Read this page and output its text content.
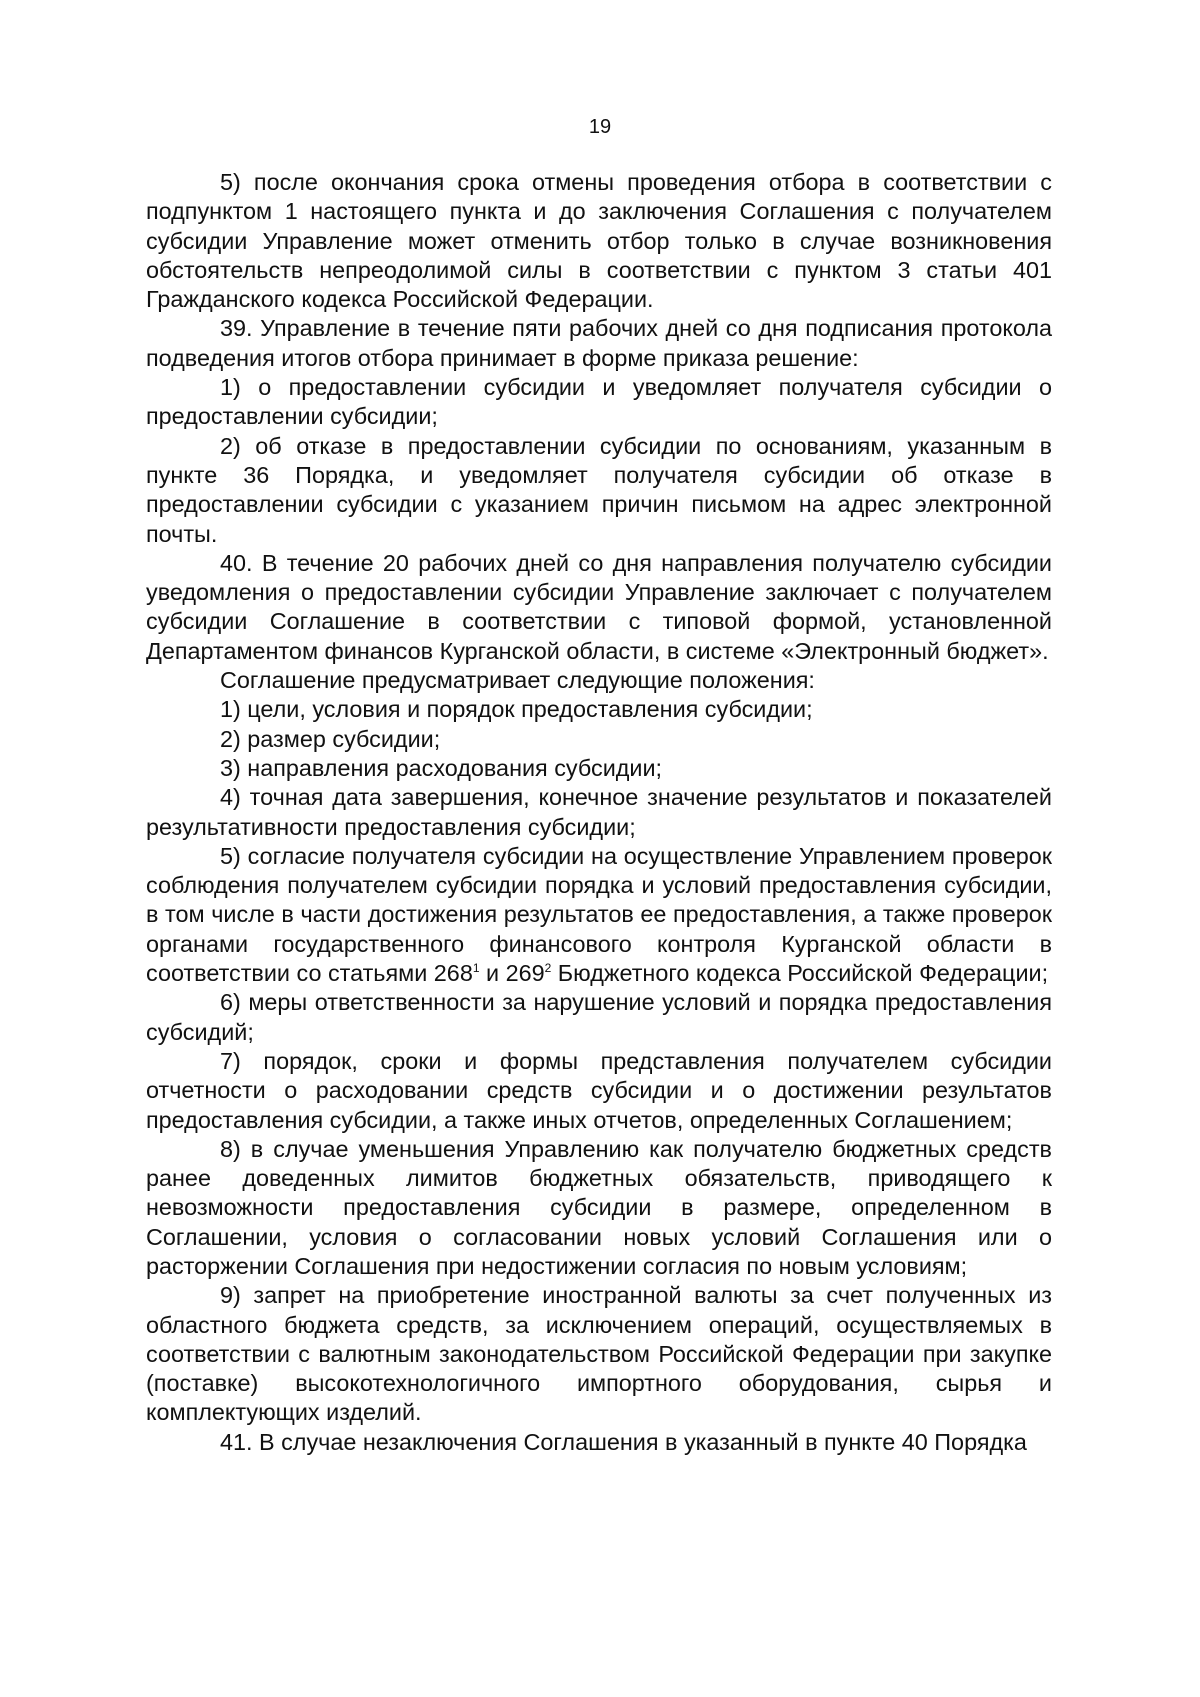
19

5) после окончания срока отмены проведения отбора в соответствии с подпунктом 1 настоящего пункта и до заключения Соглашения с получателем субсидии Управление может отменить отбор только в случае возникновения обстоятельств непреодолимой силы в соответствии с пунктом 3 статьи 401 Гражданского кодекса Российской Федерации.

39. Управление в течение пяти рабочих дней со дня подписания протокола подведения итогов отбора принимает в форме приказа решение:

1) о предоставлении субсидии и уведомляет получателя субсидии о предоставлении субсидии;

2) об отказе в предоставлении субсидии по основаниям, указанным в пункте 36 Порядка, и уведомляет получателя субсидии об отказе в предоставлении субсидии с указанием причин письмом на адрес электронной почты.

40. В течение 20 рабочих дней со дня направления получателю субсидии уведомления о предоставлении субсидии Управление заключает с получателем субсидии Соглашение в соответствии с типовой формой, установленной Департаментом финансов Курганской области, в системе «Электронный бюджет».

Соглашение предусматривает следующие положения:

1) цели, условия и порядок предоставления субсидии;

2) размер субсидии;

3) направления расходования субсидии;

4) точная дата завершения, конечное значение результатов и показателей результативности предоставления субсидии;

5) согласие получателя субсидии на осуществление Управлением проверок соблюдения получателем субсидии порядка и условий предоставления субсидии, в том числе в части достижения результатов ее предоставления, а также проверок органами государственного финансового контроля Курганской области в соответствии со статьями $268^1$ и $269^2$ Бюджетного кодекса Российской Федерации;

6) меры ответственности за нарушение условий и порядка предоставления субсидий;

7) порядок, сроки и формы представления получателем субсидии отчетности о расходовании средств субсидии и о достижении результатов предоставления субсидии, а также иных отчетов, определенных Соглашением;

8) в случае уменьшения Управлению как получателю бюджетных средств ранее доведенных лимитов бюджетных обязательств, приводящего к невозможности предоставления субсидии в размере, определенном в Соглашении, условия о согласовании новых условий Соглашения или о расторжении Соглашения при недостижении согласия по новым условиям;

9) запрет на приобретение иностранной валюты за счет полученных из областного бюджета средств, за исключением операций, осуществляемых в соответствии с валютным законодательством Российской Федерации при закупке (поставке) высокотехнологичного импортного оборудования, сырья и комплектующих изделий.

41. В случае незаключения Соглашения в указанный в пункте 40 Порядка
